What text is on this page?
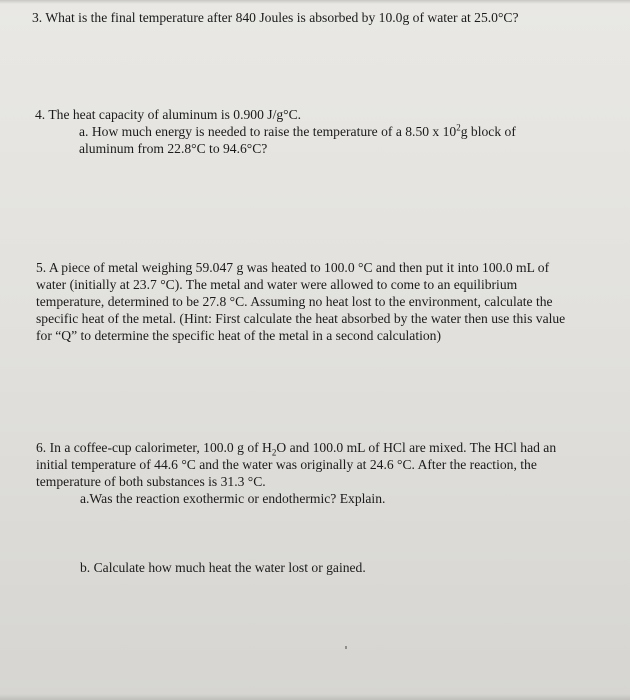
3. What is the final temperature after 840 Joules is absorbed by 10.0g of water at 25.0°C?
4. The heat capacity of aluminum is 0.900 J/g°C.
a. How much energy is needed to raise the temperature of a 8.50 x $10^2g$ block of
aluminum from 22.8°C to 94.6°C?
5. A piece of metal weighing 59.047 g was heated to 100.0 °C and then put it into 100.0 mL of
water (initially at 23.7 °C). The metal and water were allowed to come to an equilibrium
temperature, determined to be 27.8 °C. Assuming no heat lost to the environment, calculate the
specific heat of the metal. (Hint: First calculate the heat absorbed by the water then use this value
for “Q” to determine the specific heat of the metal in a second calculation)
6. In a coffee-cup calorimeter, 100.0 g of $H_2O$ and 100.0 mL of HCl are mixed. The HCl had an
initial temperature of 44.6 °C and the water was originally at 24.6 °C. After the reaction, the
temperature of both substances is 31.3 °C.
a.Was the reaction exothermic or endothermic? Explain.
b. Calculate how much heat the water lost or gained.
